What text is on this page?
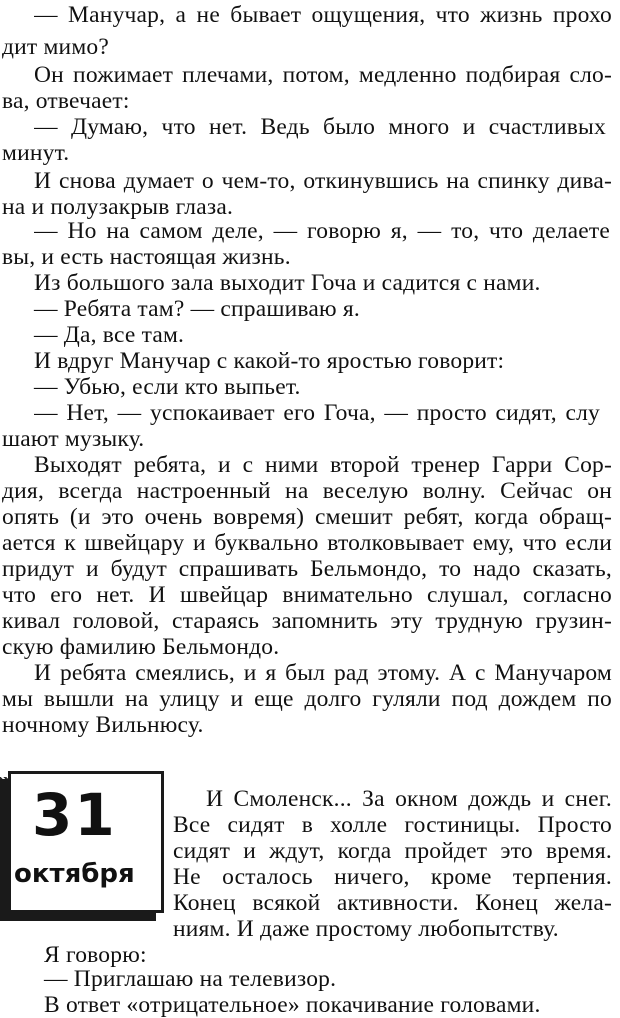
— Манучар, а не бывает ощущения, что жизнь прохо
дит мимо?
Он пожимает плечами, потом, медленно подбирая сло-
ва, отвечает:
— Думаю, что нет. Ведь было много и счастливых
минут.
И снова думает о чем-то, откинувшись на спинку дива-
на и полузакрыв глаза.
— Но на самом деле, — говорю я, — то, что делаете
вы, и есть настоящая жизнь.
Из большого зала выходит Гоча и садится с нами.
— Ребята там? — спрашиваю я.
— Да, все там.
И вдруг Манучар с какой-то яростью говорит:
— Убью, если кто выпьет.
— Нет, — успокаивает его Гоча, — просто сидят, слу
шают музыку.
Выходят ребята, и с ними второй тренер Гарри Сор-
дия, всегда настроенный на веселую волну. Сейчас он
опять (и это очень вовремя) смешит ребят, когда обращ-
ается к швейцару и буквально втолковывает ему, что если
придут и будут спрашивать Бельмондо, то надо сказать,
что его нет. И швейцар внимательно слушал, согласно
кивал головой, стараясь запомнить эту трудную грузин-
скую фамилию Бельмондо.
И ребята смеялись, и я был рад этому. А с Манучаром
мы вышли на улицу и еще долго гуляли под дождем по
ночному Вильнюсу.
31
октября
И Смоленск... За окном дождь и снег.
Все сидят в холле гостиницы. Просто
сидят и ждут, когда пройдет это время.
Не осталось ничего, кроме терпения.
Конец всякой активности. Конец жела-
ниям. И даже простому любопытству.
Я говорю:
— Приглашаю на телевизор.
В ответ «отрицательное» покачивание головами.
